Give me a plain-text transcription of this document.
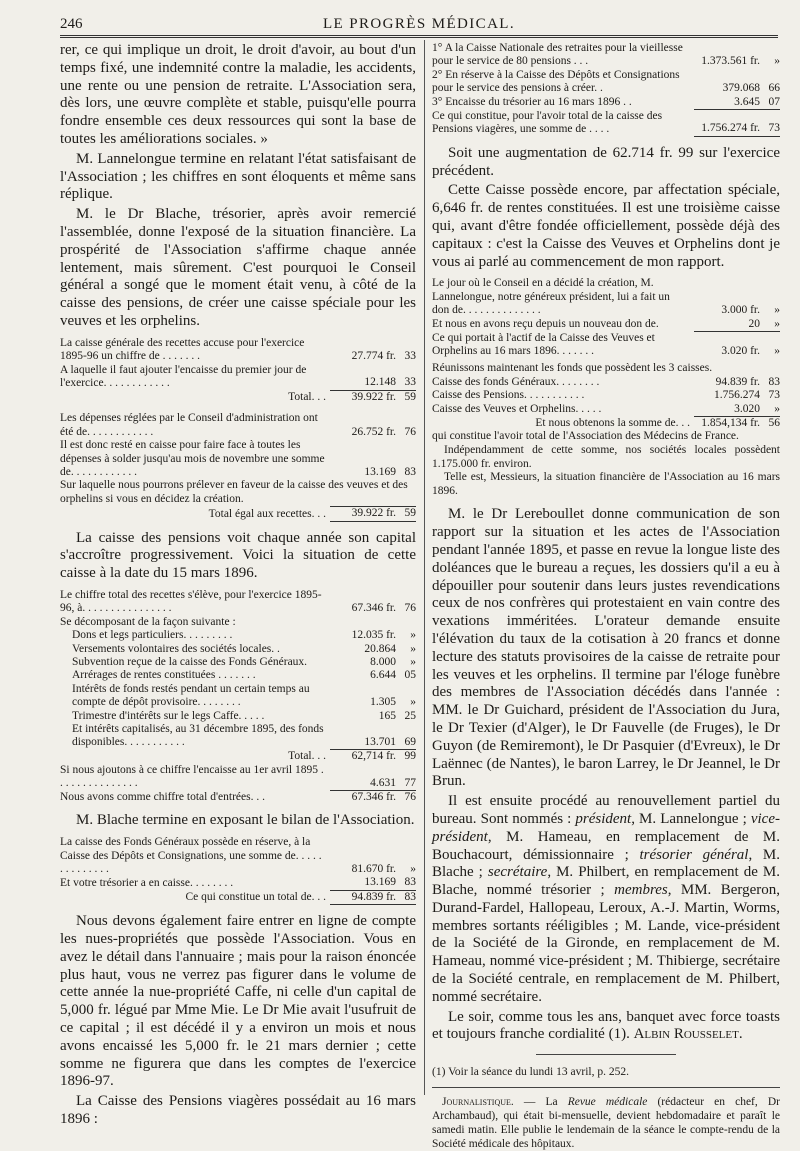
246	LE PROGRÈS MÉDICAL.

rer, ce qui implique un droit, le droit d'avoir, au bout d'un temps fixé, une indemnité contre la maladie, les accidents, une rente ou une pension de retraite. L'Association sera, dès lors, une œuvre complète et stable, puisqu'elle pourra fondre ensemble ces deux ressources qui sont la base de toutes les améliorations sociales. »

M. Lannelongue termine en relatant l'état satisfaisant de l'Association ; les chiffres en sont éloquents et même sans réplique.

M. le Dr Blache, trésorier, après avoir remercié l'assemblée, donne l'exposé de la situation financière. La prospérité de l'Association s'affirme chaque année lentement, mais sûrement. C'est pourquoi le Conseil général a songé que le moment était venu, à côté de la caisse des pensions, de créer une caisse spéciale pour les veuves et les orphelins.

La caisse générale des recettes accuse pour l'exercice 1895-96 un chiffre de . . . . . . .	27.774 fr.	33
A laquelle il faut ajouter l'encaisse du premier jour de l'exercice. . . . . . . . . . . .	12.148	33
Total. . .	39.922 fr.	59
Les dépenses réglées par le Conseil d'administration ont été de. . . . . . . . . . . .	26.752 fr.	76
Il est donc resté en caisse pour faire face à toutes les dépenses à solder jusqu'au mois de novembre une somme de. . . . . . . . . . . .	13.169	83
Sur laquelle nous pourrons prélever en faveur de la caisse des veuves et des orphelins si vous en décidez la création.		
Total égal aux recettes. . .	39.922 fr.	59

La caisse des pensions voit chaque année son capital s'accroître progressivement. Voici la situation de cette caisse à la date du 15 mars 1896.

Le chiffre total des recettes s'élève, pour l'exercice 1895-96, à. . . . . . . . . . . . . . . .	67.346 fr.	76
Se décomposant de la façon suivante :		
Dons et legs particuliers. . . . . . . . .	12.035 fr.	»
Versements volontaires des sociétés locales. .	20.864	»
Subvention reçue de la caisse des Fonds Généraux.	8.000	»
Arrérages de rentes constituées . . . . . . .	6.644	05
Intérêts de fonds restés pendant un certain temps au compte de dépôt provisoire. . . . . . . .	1.305	»
Trimestre d'intérêts sur le legs Caffe. . . . .	165	25
Et intérêts capitalisés, au 31 décembre 1895, des fonds disponibles. . . . . . . . . . .	13.701	69
Total. . .	62,714 fr.	99
Si nous ajoutons à ce chiffre l'encaisse au 1er avril 1895 . . . . . . . . . . . . . . .	4.631	77
Nous avons comme chiffre total d'entrées. . .	67.346 fr.	76

M. Blache termine en exposant le bilan de l'Association.

La caisse des Fonds Généraux possède en réserve, à la Caisse des Dépôts et Consignations, une somme de. . . . . . . . . . . . . .	81.670 fr.	»
Et votre trésorier a en caisse. . . . . . . .	13.169	83
Ce qui constitue un total de. . .	94.839 fr.	83

Nous devons également faire entrer en ligne de compte les nues-propriétés que possède l'Association. Vous en avez le détail dans l'annuaire ; mais pour la raison énoncée plus haut, vous ne verrez pas figurer dans le volume de cette année la nue-propriété Caffe, ni celle d'un capital de 5,000 fr. légué par Mme Mie. Le Dr Mie avait l'usufruit de ce capital ; il est décédé il y a environ un mois et nous avons encaissé les 5,000 fr. le 21 mars dernier ; cette somme ne figurera que dans les comptes de l'exercice 1896-97.

La Caisse des Pensions viagères possédait au 16 mars 1896 :

1° A la Caisse Nationale des retraites pour la vieillesse pour le service de 80 pensions . . .	1.373.561 fr.	»
2° En réserve à la Caisse des Dépôts et Consignations pour le service des pensions à créer. .	379.068	66
3° Encaisse du trésorier au 16 mars 1896 . .	3.645	07
Ce qui constitue, pour l'avoir total de la caisse des Pensions viagères, une somme de . . . .	1.756.274 fr.	73

Soit une augmentation de 62.714 fr. 99 sur l'exercice précédent.

Cette Caisse possède encore, par affectation spéciale, 6,646 fr. de rentes constituées. Il est une troisième caisse qui, avant d'être fondée officiellement, possède déjà des capitaux : c'est la Caisse des Veuves et Orphelins dont je vous ai parlé au commencement de mon rapport.

Le jour où le Conseil en a décidé la création, M. Lannelongue, notre généreux président, lui a fait un don de. . . . . . . . . . . . . .	3.000 fr.	»
Et nous en avons reçu depuis un nouveau don de.	20	»
Ce qui portait à l'actif de la Caisse des Veuves et Orphelins au 16 mars 1896. . . . . . .	3.020 fr.	»
Réunissons maintenant les fonds que possèdent les 3 caisses.		
Caisse des fonds Généraux. . . . . . . .	94.839 fr.	83
Caisse des Pensions. . . . . . . . . . .	1.756.274	73
Caisse des Veuves et Orphelins. . . . .	3.020	»
Et nous obtenons la somme de. . .	1.854,134 fr.	56

qui constitue l'avoir total de l'Association des Médecins de France.

Indépendamment de cette somme, nos sociétés locales possèdent 1.175.000 fr. environ.

Telle est, Messieurs, la situation financière de l'Association au 16 mars 1896.

M. le Dr Lereboullet donne communication de son rapport sur la situation et les actes de l'Association pendant l'année 1895, et passe en revue la longue liste des doléances que le bureau a reçues, les dossiers qu'il a eu à dépouiller pour soutenir dans leurs justes revendications ceux de nos confrères qui protestaient en vain contre des vexations imméritées. L'orateur demande ensuite l'élévation du taux de la cotisation à 20 francs et donne lecture des statuts provisoires de la caisse de retraite pour les veuves et les orphelins. Il termine par l'éloge funèbre des membres de l'Association décédés dans l'année : MM. le Dr Guichard, président de l'Association du Jura, le Dr Texier (d'Alger), le Dr Fauvelle (de Fruges), le Dr Guyon (de Remiremont), le Dr Pasquier (d'Evreux), le Dr Laënnec (de Nantes), le baron Larrey, le Dr Jeannel, le Dr Brun.

Il est ensuite procédé au renouvellement partiel du bureau. Sont nommés : président, M. Lannelongue ; vice-président, M. Hameau, en remplacement de M. Bouchacourt, démissionnaire ; trésorier général, M. Blache ; secrétaire, M. Philbert, en remplacement de M. Blache, nommé trésorier ; membres, MM. Bergeron, Durand-Fardel, Hallopeau, Leroux, A.-J. Martin, Worms, membres sortants rééligibles ; M. Lande, vice-président de la Société de la Gironde, en remplacement de M. Hameau, nommé vice-président ; M. Thibierge, secrétaire de la Société centrale, en remplacement de M. Philbert, nommé secrétaire.

Le soir, comme tous les ans, banquet avec force toasts et toujours franche cordialité (1). Albin Rousselet.

(1) Voir la séance du lundi 13 avril, p. 252.

Journalistique. — La Revue médicale (rédacteur en chef, Dr Archambaud), qui était bi-mensuelle, devient hebdomadaire et paraît le samedi matin. Elle publie le lendemain de la séance le compte-rendu de la Société médicale des hôpitaux.
